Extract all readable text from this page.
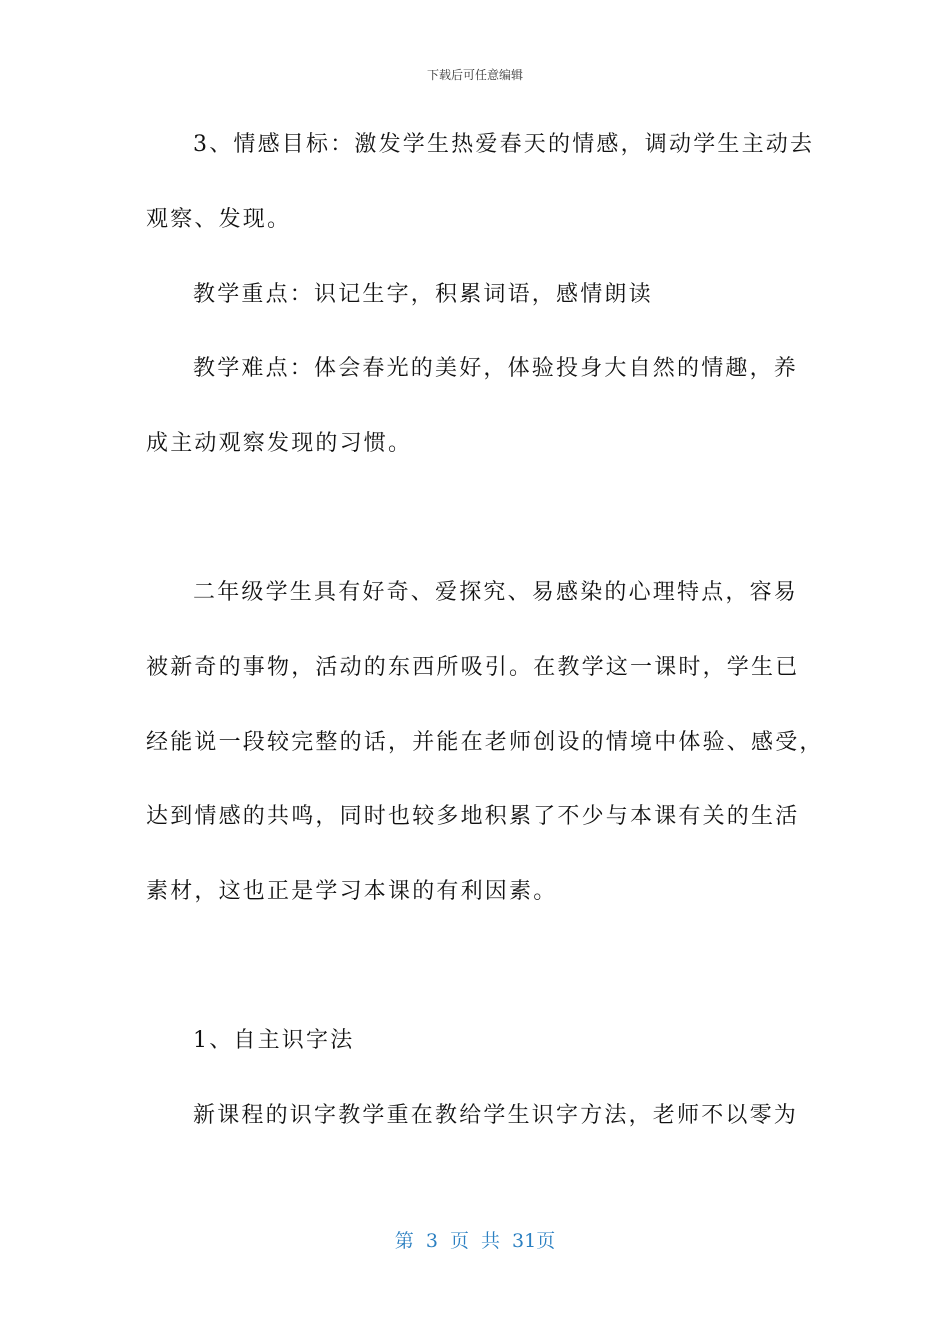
下载后可任意编辑
3、情感目标：激发学生热爱春天的情感，调动学生主动去
观察、发现。
教学重点：识记生字，积累词语，感情朗读
教学难点：体会春光的美好，体验投身大自然的情趣，养
成主动观察发现的习惯。
二年级学生具有好奇、爱探究、易感染的心理特点，容易
被新奇的事物，活动的东西所吸引。在教学这一课时，学生已
经能说一段较完整的话，并能在老师创设的情境中体验、感受，
达到情感的共鸣，同时也较多地积累了不少与本课有关的生活
素材，这也正是学习本课的有利因素。
1、自主识字法
新课程的识字教学重在教给学生识字方法，老师不以零为
第 3 页 共 31页
